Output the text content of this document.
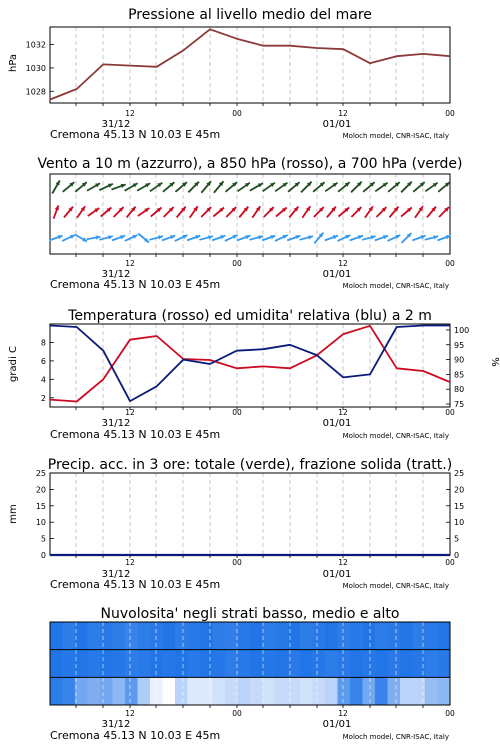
1028
1030
1032
2
4
6
8
75
80
85
90
95
100
0
5
10
15
20
25
0
5
10
15
20
25
Pressione al livello medio del mare
Vento a 10 m (azzurro), a 850 hPa (rosso), a 700 hPa (verde)
Temperatura (rosso) ed umidita' relativa (blu) a 2 m
Precip. acc. in 3 ore: totale (verde), frazione solida (tratt.)
Nuvolosita' negli strati basso, medio e alto
hPa
gradi C	%
mm
12	00	12	00
31/12	01/01
Cremona 45.13 N 10.03 E 45m	Moloch model, CNR-ISAC, Italy
12	00	12	00
31/12	01/01
Cremona 45.13 N 10.03 E 45m	Moloch model, CNR-ISAC, Italy
12	00	12	00
31/12	01/01
Cremona 45.13 N 10.03 E 45m	Moloch model, CNR-ISAC, Italy
12	00	12	00
31/12	01/01
Cremona 45.13 N 10.03 E 45m	Moloch model, CNR-ISAC, Italy
12	00	12	00
31/12	01/01
Cremona 45.13 N 10.03 E 45m	Moloch model, CNR-ISAC, Italy
